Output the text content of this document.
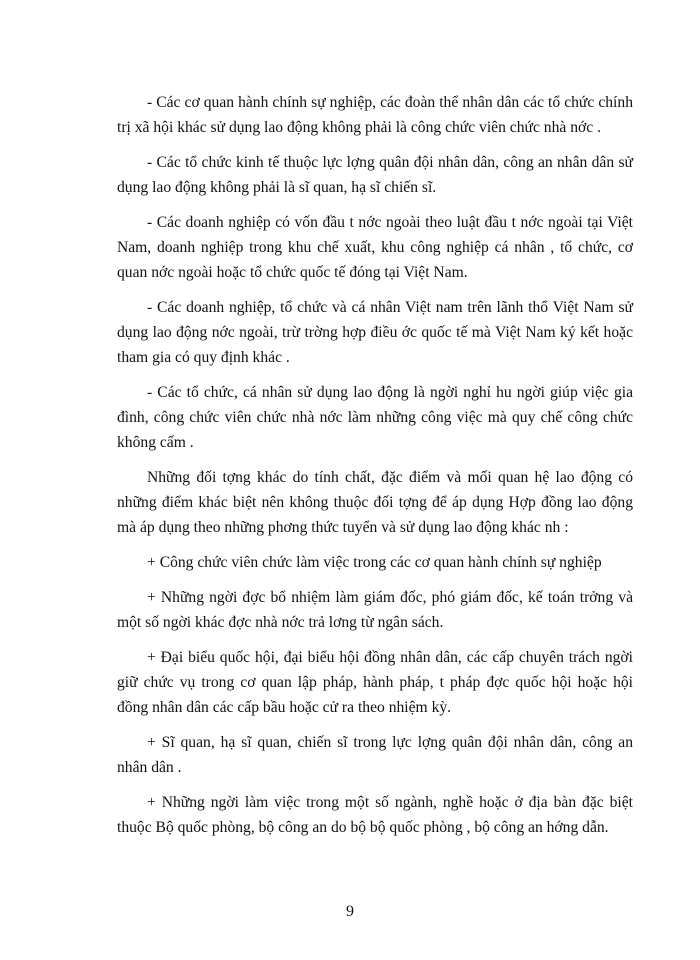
- Các cơ quan hành chính sự nghiệp, các đoàn thể nhân dân các tổ chức chính trị xã hội khác sử dụng lao động không phải là công chức viên chức nhà nớc .

- Các tổ chức kinh tế thuộc lực lợng quân đội nhân dân, công an nhân dân sử dụng lao động không phải là sĩ quan, hạ sĩ chiến sĩ.

- Các doanh nghiệp có vốn đầu t nớc ngoài theo luật đầu t nớc ngoài tại Việt Nam, doanh nghiệp trong khu chế xuất, khu công nghiệp cá nhân , tổ chức, cơ quan nớc ngoài hoặc tổ chức quốc tế đóng tại Việt Nam.

- Các doanh nghiệp, tổ chức và cá nhân Việt nam trên lãnh thổ Việt Nam sử dụng lao động nớc ngoài, trừ trờng hợp điều ớc quốc tế mà Việt Nam ký kết hoặc tham gia có quy định khác .

- Các tổ chức, cá nhân sử dụng lao động là ngời nghỉ hu ngời giúp việc gia đình, công chức viên chức nhà nớc làm những công việc mà quy chế công chức không cấm .

Những đối tợng khác do tính chất, đặc điểm và mối quan hệ lao động có những điểm khác biệt nên không thuộc đối tợng để áp dụng Hợp đồng lao động mà áp dụng theo những phơng thức tuyển và sử dụng lao động khác nh :

+ Công chức viên chức làm việc trong các cơ quan hành chính sự nghiệp

+ Những ngời đợc bổ nhiệm làm giám đốc, phó giám đốc, kế toán trởng và một số ngời khác đợc nhà nớc trả lơng từ ngân sách.

+ Đại biểu quốc hội, đại biểu hội đồng nhân dân, các cấp chuyên trách ngời giữ chức vụ trong cơ quan lập pháp, hành pháp, t pháp đợc quốc hội hoặc hội đồng nhân dân các cấp bầu hoặc cử ra theo nhiệm kỳ.

+ Sĩ quan, hạ sĩ quan, chiến sĩ trong lực lợng quân đội nhân dân, công an nhân dân .

+ Những ngời làm việc trong một số ngành, nghề hoặc ở địa bàn đặc biệt thuộc Bộ quốc phòng, bộ công an do bộ bộ quốc phòng , bộ công an hớng dẫn.

9
